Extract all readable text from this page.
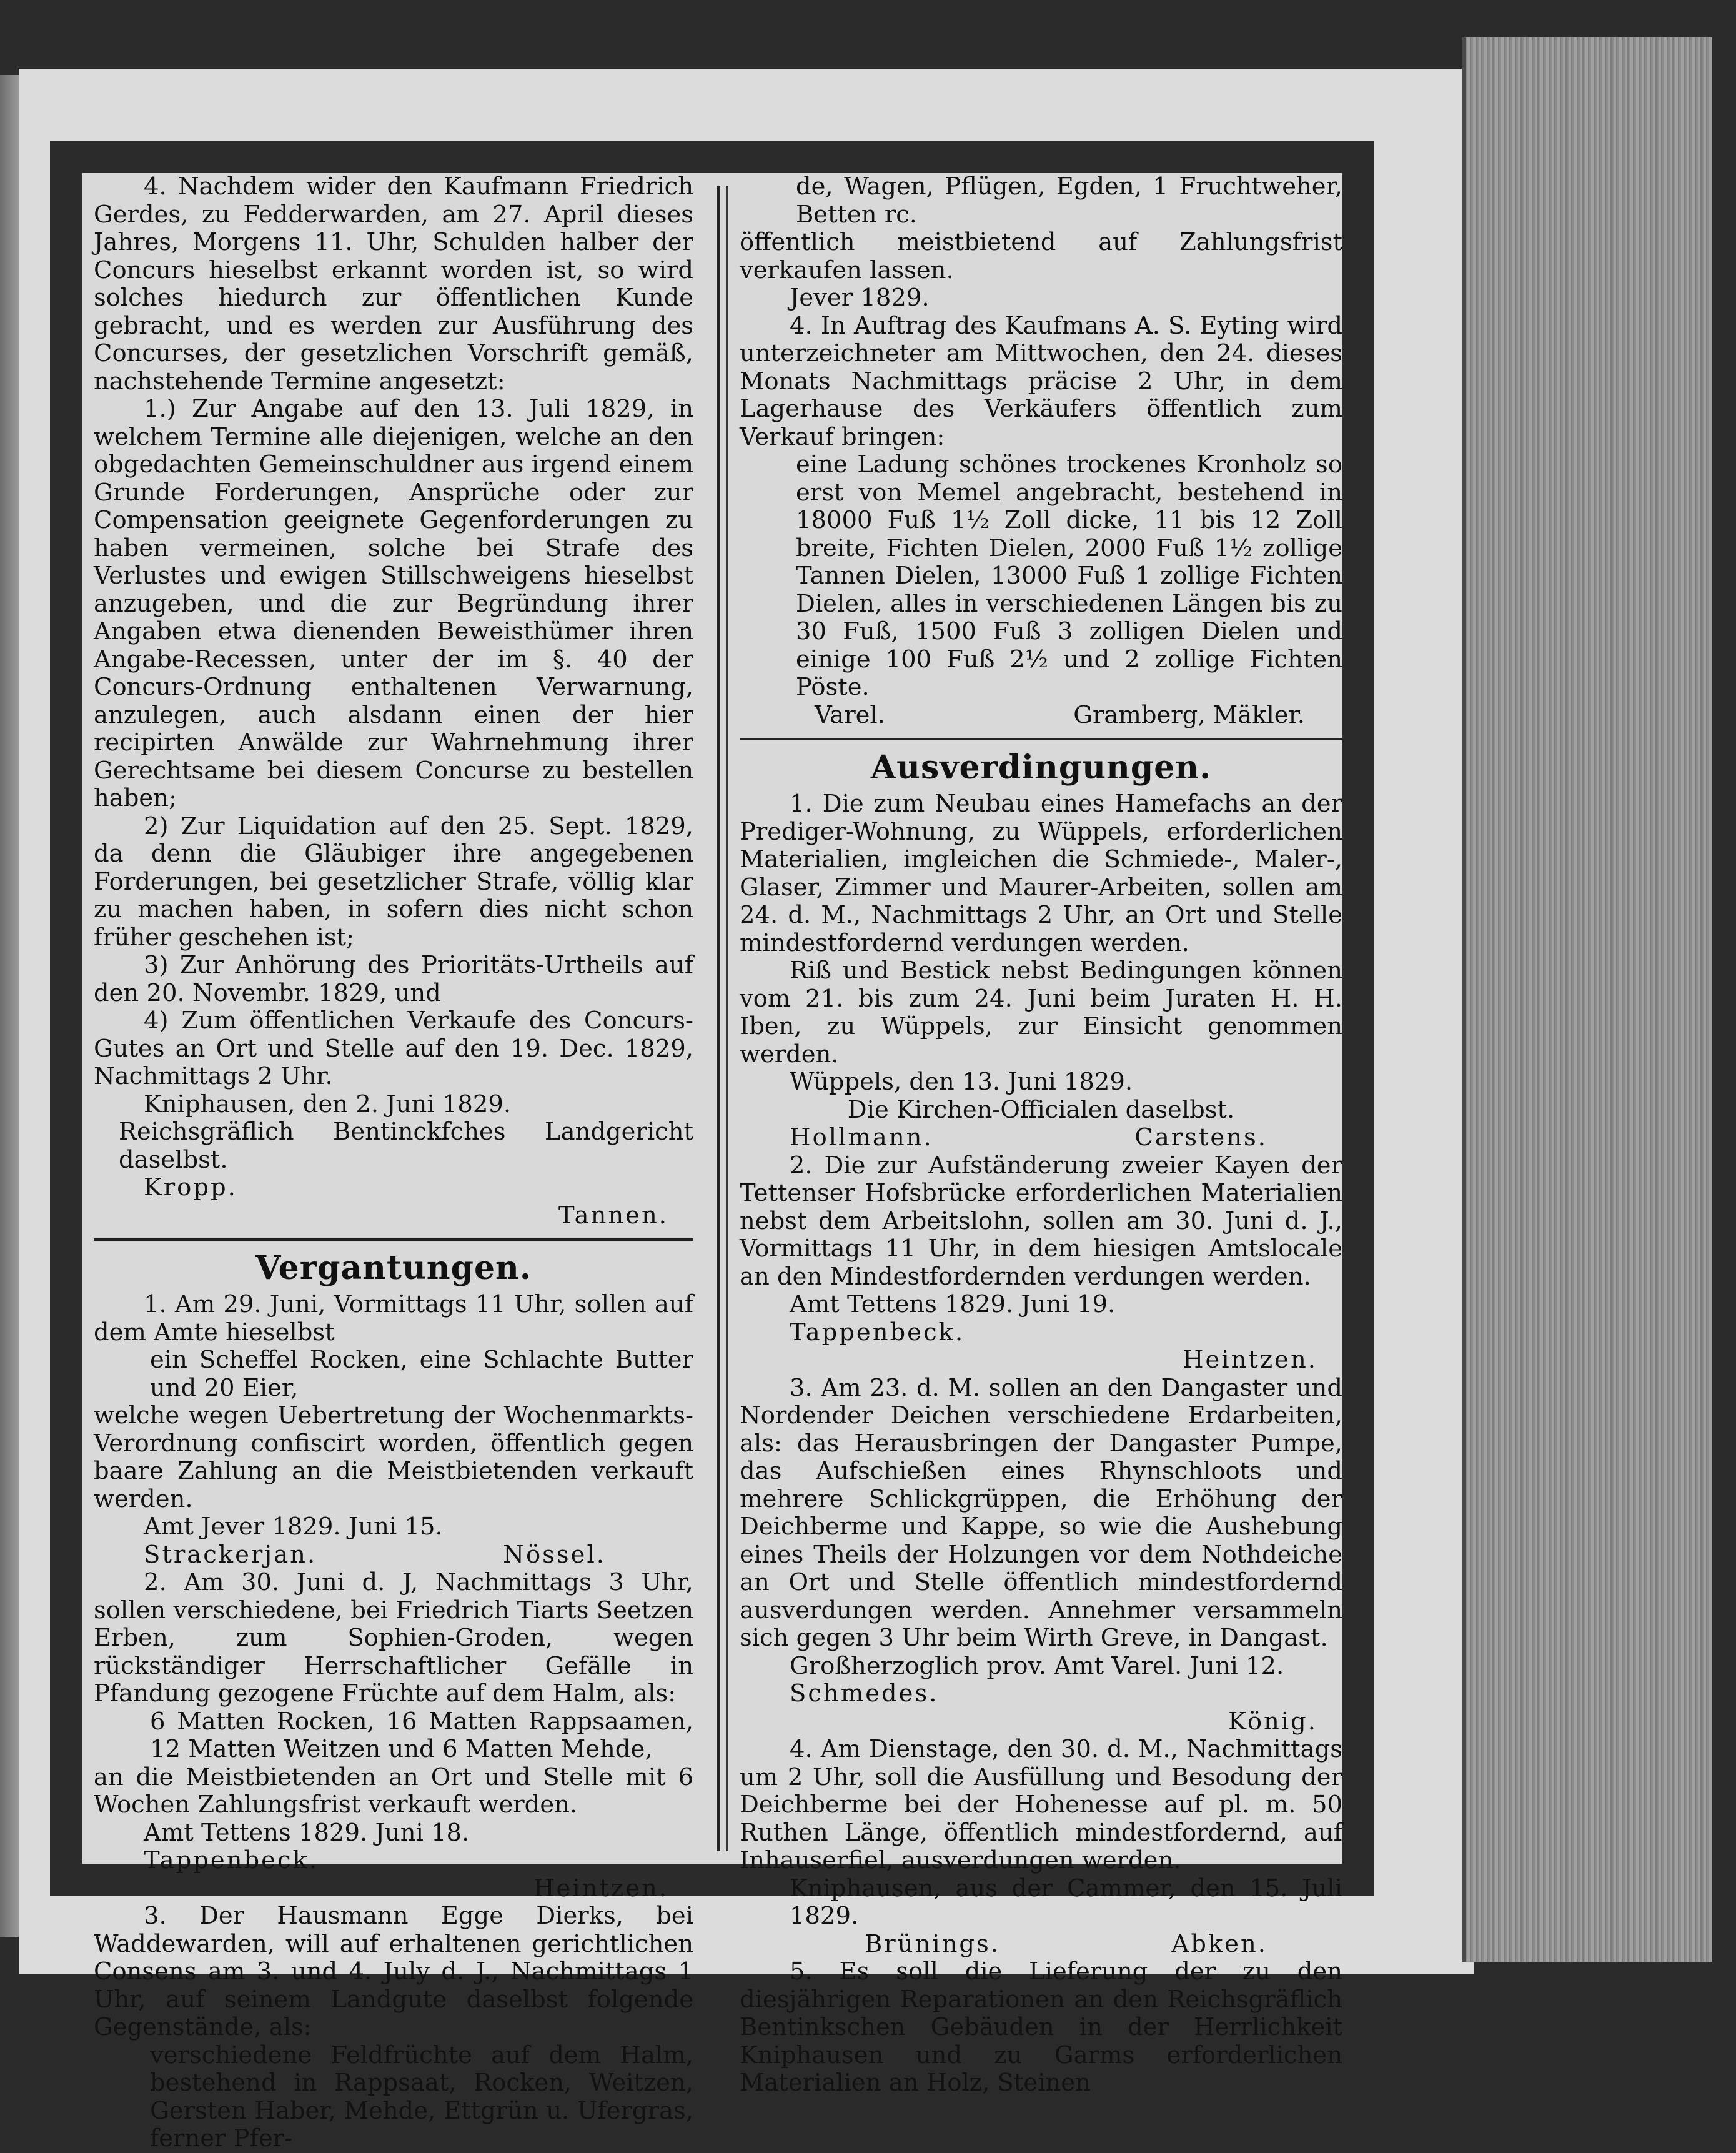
4. Nachdem wider den Kaufmann Friedrich Gerdes, zu Fedderwarden, am 27. April dieses Jahres, Morgens 11. Uhr, Schulden halber der Concurs hieselbst erkannt worden ist, so wird solches hiedurch zur öffentlichen Kunde gebracht, und es werden zur Ausführung des Concurses, der gesetzlichen Vorschrift gemäß, nachstehende Termine angesetzt:

1.) Zur Angabe auf den 13. Juli 1829, in welchem Termine alle diejenigen, welche an den obgedachten Gemeinschuldner aus irgend einem Grunde Forderungen, Ansprüche oder zur Compensation geeignete Gegenforderungen zu haben vermeinen, solche bei Strafe des Verlustes und ewigen Stillschweigens hieselbst anzugeben, und die zur Begründung ihrer Angaben etwa dienenden Beweisthümer ihren Angabe-Recessen, unter der im §. 40 der Concurs-Ordnung enthaltenen Verwarnung, anzulegen, auch alsdann einen der hier recipirten Anwälde zur Wahrnehmung ihrer Gerechtsame bei diesem Concurse zu bestellen haben;

2) Zur Liquidation auf den 25. Sept. 1829, da denn die Gläubiger ihre angegebenen Forderungen, bei gesetzlicher Strafe, völlig klar zu machen haben, in sofern dies nicht schon früher geschehen ist;

3) Zur Anhörung des Prioritäts-Urtheils auf den 20. Novembr. 1829, und

4) Zum öffentlichen Verkaufe des Concurs-Gutes an Ort und Stelle auf den 19. Dec. 1829, Nachmittags 2 Uhr.

Kniphausen, den 2. Juni 1829.

Reichsgräflich Bentinckfches Landgericht daselbst.

Kropp.

Tannen.

Vergantungen.

1. Am 29. Juni, Vormittags 11 Uhr, sollen auf dem Amte hieselbst

ein Scheffel Rocken, eine Schlachte Butter und 20 Eier,

welche wegen Uebertretung der Wochenmarkts-Verordnung confiscirt worden, öffentlich gegen baare Zahlung an die Meistbietenden verkauft werden.

Amt Jever 1829. Juni 15.

Strackerjan.	Nössel.

2. Am 30. Juni d. J, Nachmittags 3 Uhr, sollen verschiedene, bei Friedrich Tiarts Seetzen Erben, zum Sophien-Groden, wegen rückständiger Herrschaftlicher Gefälle in Pfandung gezogene Früchte auf dem Halm, als:

6 Matten Rocken, 16 Matten Rappsaamen, 12 Matten Weitzen und 6 Matten Mehde,

an die Meistbietenden an Ort und Stelle mit 6 Wochen Zahlungsfrist verkauft werden.

Amt Tettens 1829. Juni 18.

Tappenbeck.

Heintzen.

3. Der Hausmann Egge Dierks, bei Waddewarden, will auf erhaltenen gerichtlichen Consens am 3. und 4. July d. J., Nachmittags 1 Uhr, auf seinem Landgute daselbst folgende Gegenstände, als:

verschiedene Feldfrüchte auf dem Halm, bestehend in Rappsaat, Rocken, Weitzen, Gersten Haber, Mehde, Ettgrün u. Ufergras, ferner Pfer-

de, Wagen, Pflügen, Egden, 1 Fruchtweher, Betten rc.

öffentlich meistbietend auf Zahlungsfrist verkaufen lassen.

Jever 1829.

4. In Auftrag des Kaufmans A. S. Eyting wird unterzeichneter am Mittwochen, den 24. dieses Monats Nachmittags präcise 2 Uhr, in dem Lagerhause des Verkäufers öffentlich zum Verkauf bringen:

eine Ladung schönes trockenes Kronholz so erst von Memel angebracht, bestehend in 18000 Fuß 1½ Zoll dicke, 11 bis 12 Zoll breite, Fichten Dielen, 2000 Fuß 1½ zollige Tannen Dielen, 13000 Fuß 1 zollige Fichten Dielen, alles in verschiedenen Längen bis zu 30 Fuß, 1500 Fuß 3 zolligen Dielen und einige 100 Fuß 2½ und 2 zollige Fichten Pöste.

Varel.	Gramberg, Mäkler.
Ausverdingungen.

1. Die zum Neubau eines Hamefachs an der Prediger-Wohnung, zu Wüppels, erforderlichen Materialien, imgleichen die Schmiede-, Maler-, Glaser, Zimmer und Maurer-Arbeiten, sollen am 24. d. M., Nachmittags 2 Uhr, an Ort und Stelle mindestfordernd verdungen werden.

Riß und Bestick nebst Bedingungen können vom 21. bis zum 24. Juni beim Juraten H. H. Iben, zu Wüppels, zur Einsicht genommen werden.

Wüppels, den 13. Juni 1829.

Die Kirchen-Officialen daselbst.

Hollmann.	Carstens.

2. Die zur Aufständerung zweier Kayen der Tettenser Hofsbrücke erforderlichen Materialien nebst dem Arbeitslohn, sollen am 30. Juni d. J., Vormittags 11 Uhr, in dem hiesigen Amtslocale an den Mindestfordernden verdungen werden.

Amt Tettens 1829. Juni 19.

Tappenbeck.

Heintzen.

3. Am 23. d. M. sollen an den Dangaster und Nordender Deichen verschiedene Erdarbeiten, als: das Herausbringen der Dangaster Pumpe, das Aufschießen eines Rhynschloots und mehrere Schlickgrüppen, die Erhöhung der Deichberme und Kappe, so wie die Aushebung eines Theils der Holzungen vor dem Nothdeiche an Ort und Stelle öffentlich mindestfordernd ausverdungen werden. Annehmer versammeln sich gegen 3 Uhr beim Wirth Greve, in Dangast.

Großherzoglich prov. Amt Varel. Juni 12.

Schmedes.

König.

4. Am Dienstage, den 30. d. M., Nachmittags um 2 Uhr, soll die Ausfüllung und Besodung der Deichberme bei der Hohenesse auf pl. m. 50 Ruthen Länge, öffentlich mindestfordernd, auf Inhauserfiel, ausverdungen werden.

Kniphausen, aus der Cammer, den 15. Juli 1829.

Brünings.	Abken.

5. Es soll die Lieferung der zu den diesjährigen Reparationen an den Reichsgräflich Bentinkschen Gebäuden in der Herrlichkeit Kniphausen und zu Garms erforderlichen Materialien an Holz, Steinen
